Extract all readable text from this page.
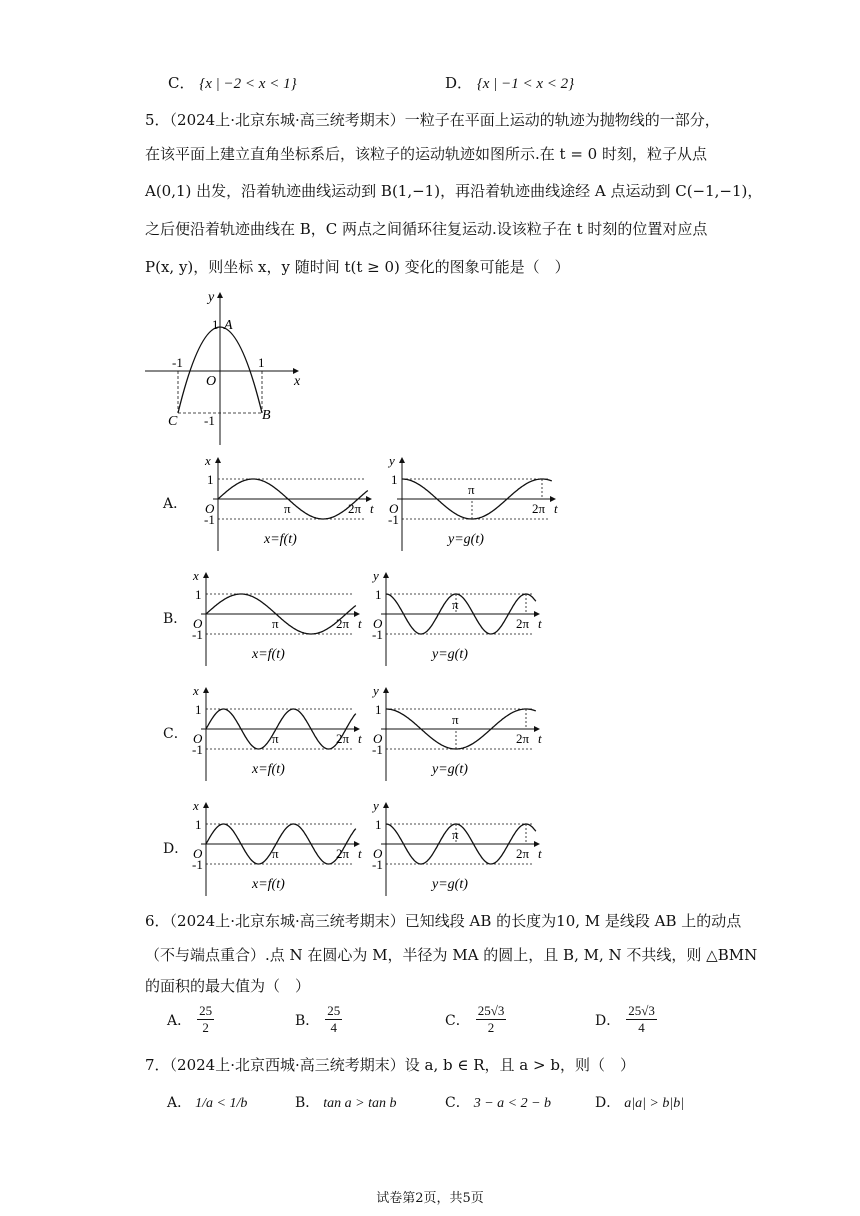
C． {x | −2 < x < 1}	D． {x | −1 < x < 2}
5．（2024上·北京东城·高三统考期末）一粒子在平面上运动的轨迹为抛物线的一部分，
在该平面上建立直角坐标系后，该粒子的运动轨迹如图所示.在 t = 0 时刻，粒子从点
A(0,1) 出发，沿着轨迹曲线运动到 B(1,−1)，再沿着轨迹曲线途经 A 点运动到 C(−1,−1)，
之后便沿着轨迹曲线在 B，C 两点之间循环往复运动.设该粒子在 t 时刻的位置对应点
P(x, y)，则坐标 x，y 随时间 t(t ≥ 0) 变化的图象可能是（　）
x
y
A
1
-1	1
O
-1
C	B
A．
x
1
-1
O	π	2π t
x=f(t)
y
1
-1
O
π
2π t
y=g(t)
B．
x
1
-1
O	π	2π t
x=f(t)
y
1
-1
O
π
2π t
y=g(t)
C．
x
1
-1
O	π	2π t
x=f(t)
y
1
-1
O
π
2π t
y=g(t)
D．
x
1
-1
O	π	2π t
x=f(t)
y
1
-1
O
π
2π t
y=g(t)
6．（2024上·北京东城·高三统考期末）已知线段 AB 的长度为10, M 是线段 AB 上的动点
（不与端点重合）.点 N 在圆心为 M，半径为 MA 的圆上，且 B, M, N 不共线，则 △BMN
的面积的最大值为（　）
A． $\frac{25}{2}$	B． $\frac{25}{4}$	C． $\frac{25√3}{2}$	D． $\frac{25√3}{4}$
7．（2024上·北京西城·高三统考期末）设 a, b ∈ R，且 a > b，则（　）
A． 1/a < 1/b	B． tan a > tan b	C． 3 − a < 2 − b	D． a|a| > b|b|
试卷第2页，共5页
